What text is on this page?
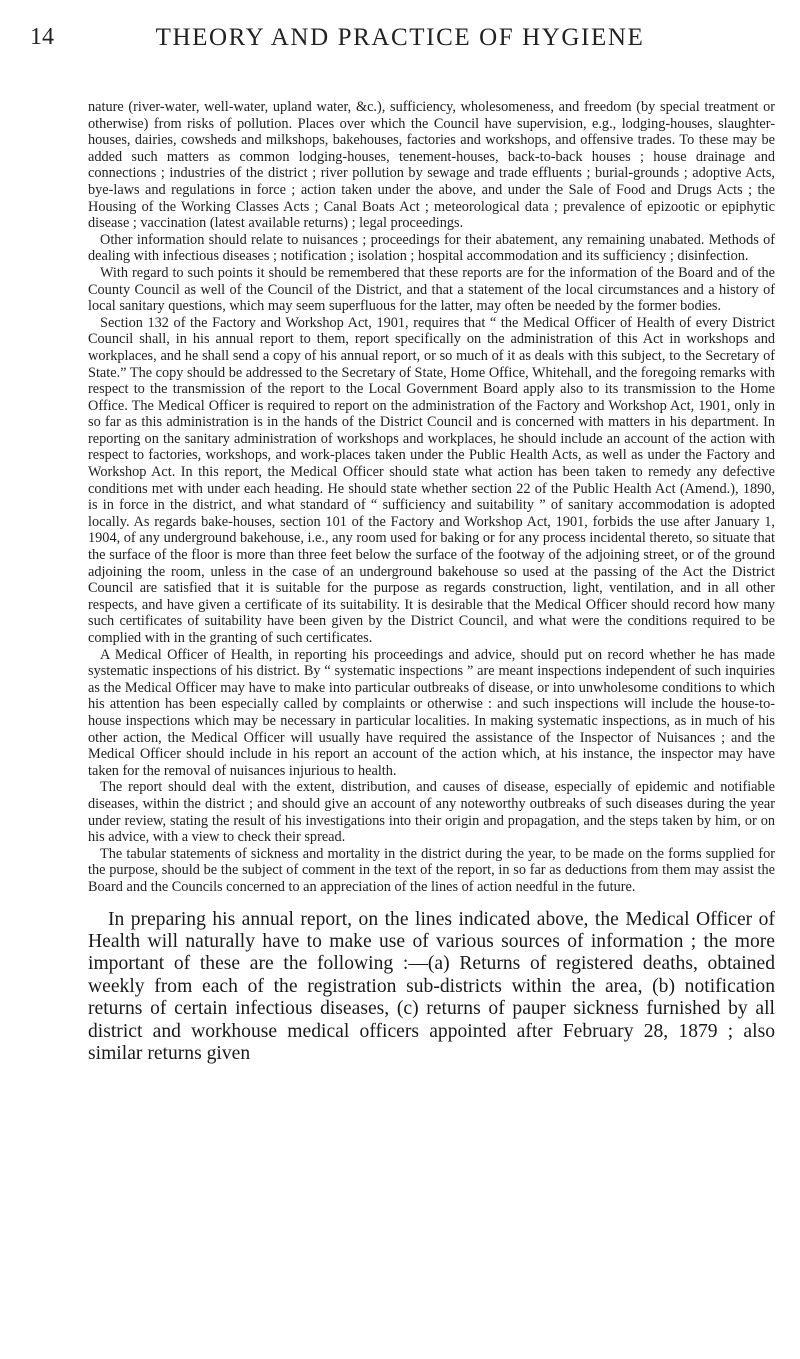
14	THEORY AND PRACTICE OF HYGIENE

nature (river-water, well-water, upland water, &c.), sufficiency, wholesomeness, and freedom (by special treatment or otherwise) from risks of pollution. Places over which the Council have supervision, e.g., lodging-houses, slaughter-houses, dairies, cowsheds and milkshops, bakehouses, factories and workshops, and offensive trades. To these may be added such matters as common lodging-houses, tenement-houses, back-to-back houses ; house drainage and connections ; industries of the district ; river pollution by sewage and trade effluents ; burial-grounds ; adoptive Acts, bye-laws and regulations in force ; action taken under the above, and under the Sale of Food and Drugs Acts ; the Housing of the Working Classes Acts ; Canal Boats Act ; meteorological data ; prevalence of epizootic or epiphytic disease ; vaccination (latest available returns) ; legal proceedings.

Other information should relate to nuisances ; proceedings for their abatement, any remaining unabated. Methods of dealing with infectious diseases ; notification ; isolation ; hospital accommodation and its sufficiency ; disinfection.

With regard to such points it should be remembered that these reports are for the information of the Board and of the County Council as well of the Council of the District, and that a statement of the local circumstances and a history of local sanitary questions, which may seem superfluous for the latter, may often be needed by the former bodies.

Section 132 of the Factory and Workshop Act, 1901, requires that “ the Medical Officer of Health of every District Council shall, in his annual report to them, report specifically on the administration of this Act in workshops and workplaces, and he shall send a copy of his annual report, or so much of it as deals with this subject, to the Secretary of State.” The copy should be addressed to the Secretary of State, Home Office, Whitehall, and the foregoing remarks with respect to the transmission of the report to the Local Government Board apply also to its transmission to the Home Office. The Medical Officer is required to report on the administration of the Factory and Workshop Act, 1901, only in so far as this administration is in the hands of the District Council and is concerned with matters in his department. In reporting on the sanitary administration of workshops and workplaces, he should include an account of the action with respect to factories, workshops, and work-places taken under the Public Health Acts, as well as under the Factory and Workshop Act. In this report, the Medical Officer should state what action has been taken to remedy any defective conditions met with under each heading. He should state whether section 22 of the Public Health Act (Amend.), 1890, is in force in the district, and what standard of “ sufficiency and suitability ” of sanitary accommodation is adopted locally. As regards bake-houses, section 101 of the Factory and Workshop Act, 1901, forbids the use after January 1, 1904, of any underground bakehouse, i.e., any room used for baking or for any process incidental thereto, so situate that the surface of the floor is more than three feet below the surface of the footway of the adjoining street, or of the ground adjoining the room, unless in the case of an underground bakehouse so used at the passing of the Act the District Council are satisfied that it is suitable for the purpose as regards construction, light, ventilation, and in all other respects, and have given a certificate of its suitability. It is desirable that the Medical Officer should record how many such certificates of suitability have been given by the District Council, and what were the conditions required to be complied with in the granting of such certificates.

A Medical Officer of Health, in reporting his proceedings and advice, should put on record whether he has made systematic inspections of his district. By “ systematic inspections ” are meant inspections independent of such inquiries as the Medical Officer may have to make into particular outbreaks of disease, or into unwholesome conditions to which his attention has been especially called by complaints or otherwise : and such inspections will include the house-to-house inspections which may be necessary in particular localities. In making systematic inspections, as in much of his other action, the Medical Officer will usually have required the assistance of the Inspector of Nuisances ; and the Medical Officer should include in his report an account of the action which, at his instance, the inspector may have taken for the removal of nuisances injurious to health.

The report should deal with the extent, distribution, and causes of disease, especially of epidemic and notifiable diseases, within the district ; and should give an account of any noteworthy outbreaks of such diseases during the year under review, stating the result of his investigations into their origin and propagation, and the steps taken by him, or on his advice, with a view to check their spread.

The tabular statements of sickness and mortality in the district during the year, to be made on the forms supplied for the purpose, should be the subject of comment in the text of the report, in so far as deductions from them may assist the Board and the Councils concerned to an appreciation of the lines of action needful in the future.

In preparing his annual report, on the lines indicated above, the Medical Officer of Health will naturally have to make use of various sources of information ; the more important of these are the following :—(a) Returns of registered deaths, obtained weekly from each of the registration sub-districts within the area, (b) notification returns of certain infectious diseases, (c) returns of pauper sickness furnished by all district and workhouse medical officers appointed after February 28, 1879 ; also similar returns given
